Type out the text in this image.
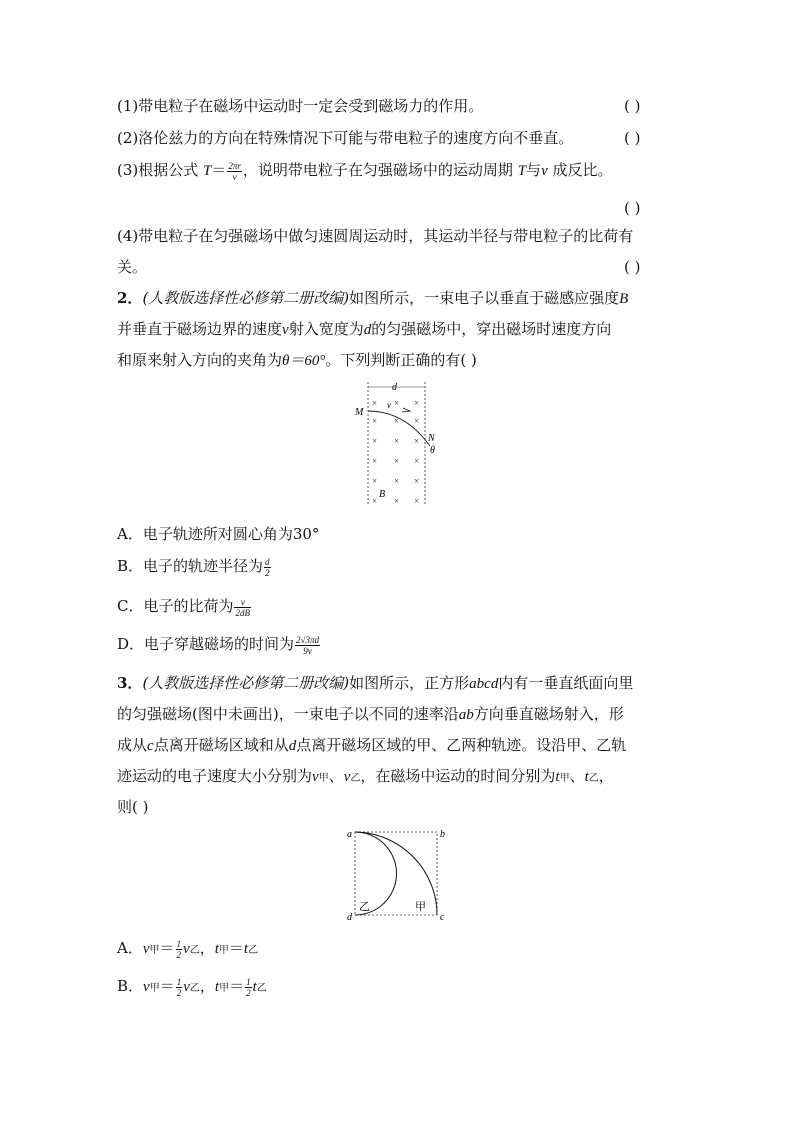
(1)带电粒子在磁场中运动时一定会受到磁场力的作用。	( )
(2)洛伦兹力的方向在特殊情况下可能与带电粒子的速度方向不垂直。	( )
(3)根据公式 $T= \frac{2\pi r}{v}$ ，说明带电粒子在匀强磁场中的运动周期 T与v 成反比。
( )
(4)带电粒子在匀强磁场中做匀速圆周运动时，其运动半径与带电粒子的比荷有
关。	( )
2．(人教版选择性必修第二册改编)如图所示，一束电子以垂直于磁感应强度B
并垂直于磁场边界的速度v射入宽度为d的匀强磁场中，穿出磁场时速度方向
和原来射入方向的夹角为θ＝60°。下列判断正确的有( )
d
M
v
N
θ
B
× × ×
× × ×
× × ×
× × ×
× × ×
× × ×
A．电子轨迹所对圆心角为30°
B．电子的轨迹半径为 $\frac{d}{2}$
C．电子的比荷为 $\frac{v}{2dB}$
D．电子穿越磁场的时间为 $\frac{2√3\pi d}{9v}$
3．(人教版选择性必修第二册改编)如图所示，正方形abcd内有一垂直纸面向里
的匀强磁场(图中未画出)，一束电子以不同的速率沿ab方向垂直磁场射入，形
成从c点离开磁场区域和从d点离开磁场区域的甲、乙两种轨迹。设沿甲、乙轨
迹运动的电子速度大小分别为v甲、v乙，在磁场中运动的时间分别为t甲、t乙，
则( )
a	b
c
d
乙	甲
A．v甲＝ $\frac{1}{2}$ v乙，t甲＝t乙
B．v甲＝ $\frac{1}{2}$ v乙，t甲＝ $\frac{1}{2}$ t乙
